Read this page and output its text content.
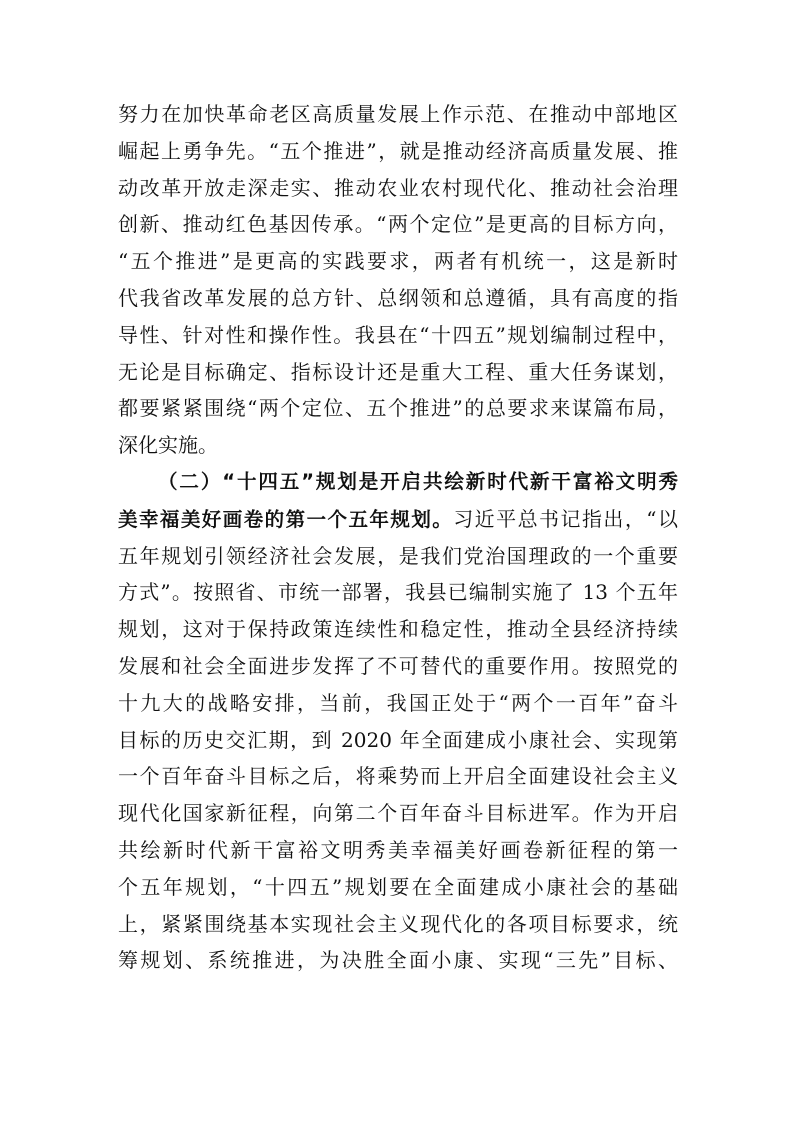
努力在加快革命老区高质量发展上作示范、在推动中部地区
崛起上勇争先。“五个推进”，就是推动经济高质量发展、推
动改革开放走深走实、推动农业农村现代化、推动社会治理
创新、推动红色基因传承。“两个定位”是更高的目标方向，
“五个推进”是更高的实践要求，两者有机统一，这是新时
代我省改革发展的总方针、总纲领和总遵循，具有高度的指
导性、针对性和操作性。我县在“十四五”规划编制过程中，
无论是目标确定、指标设计还是重大工程、重大任务谋划，
都要紧紧围绕“两个定位、五个推进”的总要求来谋篇布局，
深化实施。
（二）“十四五”规划是开启共绘新时代新干富裕文明秀
美幸福美好画卷的第一个五年规划。习近平总书记指出，“以
五年规划引领经济社会发展，是我们党治国理政的一个重要
方式”。按照省、市统一部署，我县已编制实施了 13 个五年
规划，这对于保持政策连续性和稳定性，推动全县经济持续
发展和社会全面进步发挥了不可替代的重要作用。按照党的
十九大的战略安排，当前，我国正处于“两个一百年”奋斗
目标的历史交汇期，到 2020 年全面建成小康社会、实现第
一个百年奋斗目标之后，将乘势而上开启全面建设社会主义
现代化国家新征程，向第二个百年奋斗目标进军。作为开启
共绘新时代新干富裕文明秀美幸福美好画卷新征程的第一
个五年规划，“十四五”规划要在全面建成小康社会的基础
上，紧紧围绕基本实现社会主义现代化的各项目标要求，统
筹规划、系统推进，为决胜全面小康、实现“三先”目标、
